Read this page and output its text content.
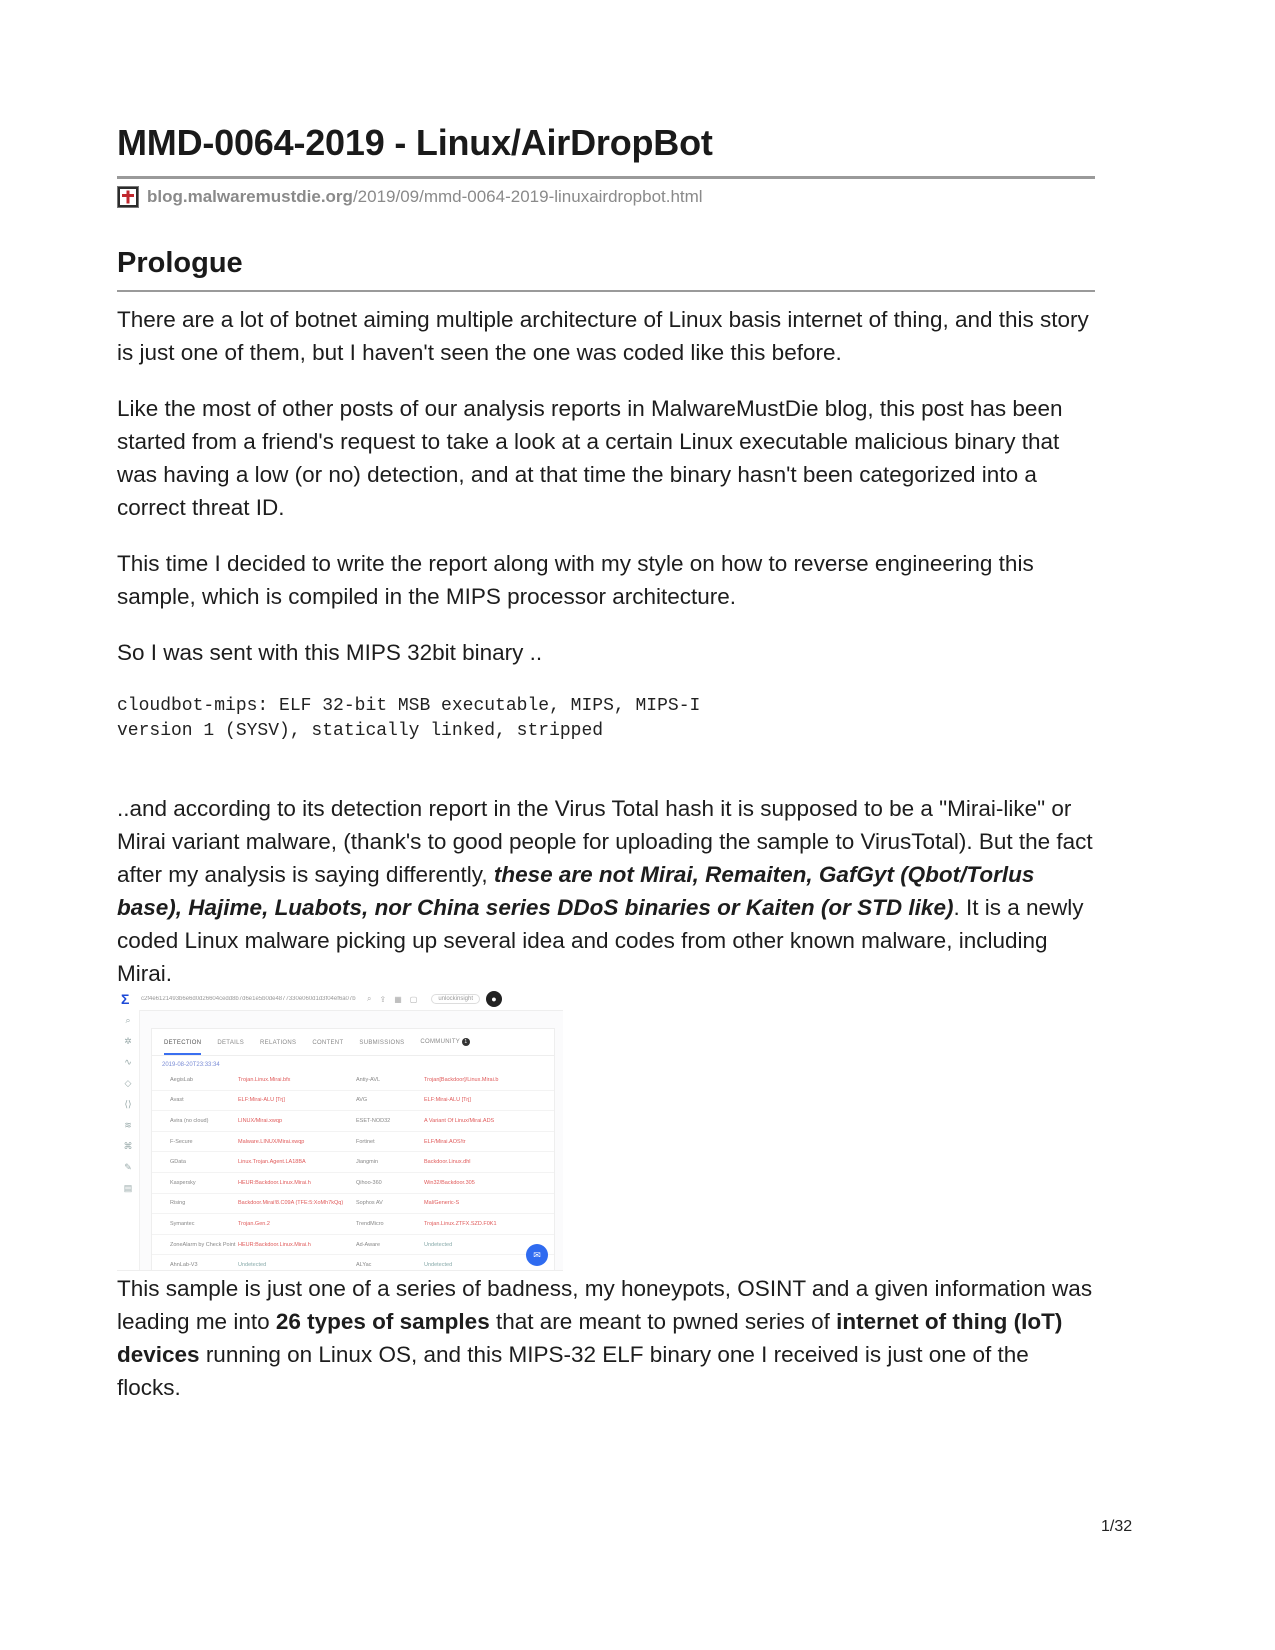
MMD-0064-2019 - Linux/AirDropBot
blog.malwaremustdie.org /2019/09/mmd-0064-2019-linuxairdropbot.html
Prologue

There are a lot of botnet aiming multiple architecture of Linux basis internet of thing, and this story is just one of them, but I haven't seen the one was coded like this before.

Like the most of other posts of our analysis reports in MalwareMustDie blog, this post has been started from a friend's request to take a look at a certain Linux executable malicious binary that was having a low (or no) detection, and at that time the binary hasn't been categorized into a correct threat ID.

This time I decided to write the report along with my style on how to reverse engineering this sample, which is compiled in the MIPS processor architecture.

So I was sent with this MIPS 32bit binary ..

cloudbot-mips: ELF 32-bit MSB executable, MIPS, MIPS-I
version 1 (SYSV), statically linked, stripped

..and according to its detection report in the Virus Total hash it is supposed to be a "Mirai-like" or Mirai variant malware, (thank's to good people for uploading the sample to VirusTotal). But the fact after my analysis is saying differently, these are not Mirai, Remaiten, GafGyt (Qbot/Torlus base), Hajime, Luabots, nor China series DDoS binaries or Kaiten (or STD like). It is a newly coded Linux malware picking up several idea and codes from other known malware, including Mirai.

This sample is just one of a series of badness, my honeypots, OSINT and a given information was leading me into 26 types of samples that are meant to pwned series of internet of thing (IoT) devices running on Linux OS, and this MIPS-32 ELF binary one I received is just one of the flocks.

Σ	c2f4e6121493b6e6d0d26604cedd8b7d6e1e5b0de4877330e060d1d3f04ef6a07b	⌕ ⇪ ▦ ▢	unlockinsight	●
⌕
✲
∿
◇
⟨⟩
≋
⌘
✎
▤
DETECTION	DETAILS	RELATIONS	CONTENT	SUBMISSIONS	COMMUNITY 1
2019-08-20T23:33:34
AegisLab	Trojan.Linux.Mirai.bfx	Antiy-AVL	Trojan[Backdoor]/Linux.Mirai.b
Avast	ELF:Mirai-ALU [Trj]	AVG	ELF:Mirai-ALU [Trj]
Avira (no cloud)	LINUX/Mirai.xwqp	ESET-NOD32	A Variant Of Linux/Mirai.ADS
F-Secure	Malware.LINUX/Mirai.xwqp	Fortinet	ELF/Mirai.AOS!tr
GData	Linux.Trojan.Agent.LA18BA	Jiangmin	Backdoor.Linux.dhl
Kaspersky	HEUR:Backdoor.Linux.Mirai.h	Qihoo-360	Win32/Backdoor.305
Rising	Backdoor.Mirai!8.C09A (TFE:5:XoMh7kQq)	Sophos AV	Mal/Generic-S
Symantec	Trojan.Gen.2	TrendMicro	Trojan.Linux.ZTFX.SZD.F0K1
ZoneAlarm by Check Point HEUR:Backdoor.Linux.Mirai.h	Ad-Aware	Undetected
AhnLab-V3	Undetected	ALYac	Undetected
✉
1/32
